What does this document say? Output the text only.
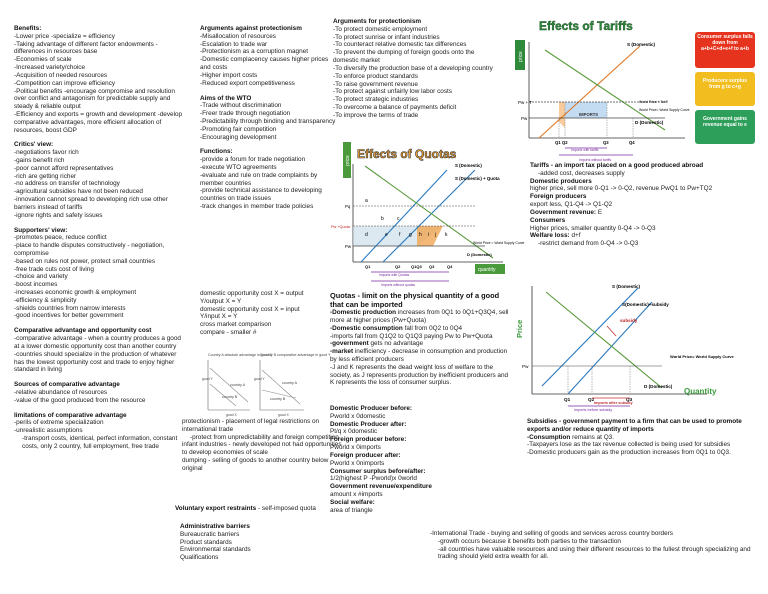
Benefits:
-Lower price -specialize = efficiency
-Taking advantage of different factor endowments -differences in resources base
-Economies of scale
-Increased variety/choice
-Acquisition of needed resources
-Competition can improve efficiency
-Political benefits -encourage compromise and resolution over conflict and antagonism for predictable supply and steady & reliable output
-Efficiency and exports = growth and development -develop comparative advantages, more efficient allocation of resources, boost GDP
Critics' view:
-negotiations favor rich
-gains benefit rich
-poor cannot afford representatives
-rich are getting richer
-no address on transfer of technology
-agricultural subsidies have not been reduced
-innovation cannot spread to developing rich use other barriers instead of tariffs
-ignore rights and safety issues
Supporters' view:
-promotes peace, reduce conflict
-place to handle disputes constructively - negotiation, compromise
-based on rules not power, protect small countries
-free trade cuts cost of living
-choice and variety
-boost incomes
-increases economic growth & employment
-efficiency & simplicity
-shields countries from narrow interests
-good incentives for better government
Comparative advantage and opportunity cost
-comparative advantage - when a country produces a good at a lower domestic opportunity cost than another country
-countries should specialize in the production of whatever has the lowest opportunity cost and trade to enjoy higher standard in living
Sources of comparative advantage
-relative abundance of resources
-value of the good produced from the resource
limitations of comparative advantage
-perils of extreme specialization
-unrealistic assumptions
-transport costs, identical, perfect information, constant costs, only 2 country, full employment, free trade
Arguments against protectionism
-Misallocation of resources
-Escalation to trade war
-Protectionism as a corruption magnet
-Domestic complacency causes higher prices and costs
-Higher import costs
-Reduced export competitiveness
Aims of the WTO
-Trade without discrimination
-Freer trade through negotiation
-Predictability through binding and transparency
-Promoting fair competition
-Encouraging development
Functions:
-provide a forum for trade negotiation
-execute WTO agreements
-evaluate and rule on trade complaints by member countries
-provide technical assistance to developing countries on trade issues
-track changes in member trade policies
domestic opportunity cost X = output Y/output X = Y
domestic opportunity cost X = input Y/input X = Y
cross market comparison
compare - smaller #
Country A absolute advantage in good X
country A
country B
good Y
good X
Country B comparative advantage in good Y
country A
country B
good Y
good X
protectionism - placement of legal restrictions on international trade
-protect from unpredictability and foreign competition
infant industries - newly developed not had opportunities to develop economies of scale
dumping - selling of goods to another country below original
Voluntary export restraints - self-imposed quota
Administrative barriers
Bureaucratic barriers
Product standards
Environmental standards
Qualifications
Arguments for protectionism
-To protect domestic employment
-To protect sunrise or infant industries
-To counteract relative domestic tax differences
-To prevent the dumping of foreign goods onto the domestic market
-To diversify the production base of a developing country
-To enforce product standards
-To raise government revenue
-To protect against unfairly low labor costs
-To protect strategic industries
-To overcome a balance of payments deficit
-To improve the terms of trade
Effects of Tariffs
price
S (Domestic)
D (Domestic)
World Price + Tariff
World Price= World Supply Curve
Pw + T
Pw
Q1 Q2	Q3	Q4
IMPORTS
Imports with tariffs
Imports without tariffs
Consumer surplus falls down from a+b+C+d+e+f to a+b
Producers surplus from g to c+g
Government gains revenue equal to e
Effects of Quotas
price	S (Domestic)
S (Domestic) + Quota
D (Domestic)
World Price = World Supply Curve
Pq
Pw +Quota
Pw
a
b	c
d	e f g h i j k
Q1	Q2	Q1Q3 Q3	Q4
quantity
Imports with Quotas
Imports without quotas
Tariffs - an import tax placed on a good produced abroad
-added cost, decreases supply
Domestic producers
higher price, sell more 0-Q1 -> 0-Q2, revenue PwQ1 to Pw+TQ2
Foreign producers
export less, Q1-Q4 -> Q1-Q2
Government revenue: E
Consumers
Higher prices, smaller quantity 0-Q4 -> 0-Q3
Welfare loss: d+f
-restrict demand from 0-Q4 -> 0-Q3
Quotas - limit on the physical quantity of a good that can be imported
-Domestic production increases from 0Q1 to 0Q1+Q3Q4, sell more at higher prices (Pw+Quota)
-Domestic consumption fall from 0Q2 to 0Q4
-imports fall from Q1Q2 to Q1Q3 paying Pw to Pw+Quota
-government gets no advantage
-market inefficiency - decrease in consumption and production by less efficient producers
-J and K represents the dead weight loss of welfare to the society, as J represents production by inefficient producers and K represents the loss of consumer surplus.
Domestic Producer before:
Pworld x 0domestic
Domestic Producer after:
Pt/q x 0domestic
Foreign producer before:
Pworld x 0imports
Foreign producer after:
Pworld x 0nimports
Consumer surplus before/after:
1/2(highest P -Pworld)x 0world
Government revenue/expenditure
amount x #imports
Social welfare:
area of triangle
Price	subsidy
S (Domestic)
S(Domestic)+subsidy
World Price= World Supply Curve
Pw
D (Domestic)
Q1	Q2	Q3
Quantity
Imports after subsidy
imports before subsidy
Subsidies - government payment to a firm that can be used to promote exports and/or reduce quantity of imports
-Consumption remains at Q3.
-Taxpayers lose as the tax revenue collected is being used for subsidies
-Domestic producers gain as the production increases from 0Q1 to 0Q3.
-International Trade - buying and selling of goods and services across country borders
-growth occurs because it benefits both parties to the transaction
-all countries have valuable resources and using their different resources to the fullest through specializing and trading should yield extra wealth for all.
